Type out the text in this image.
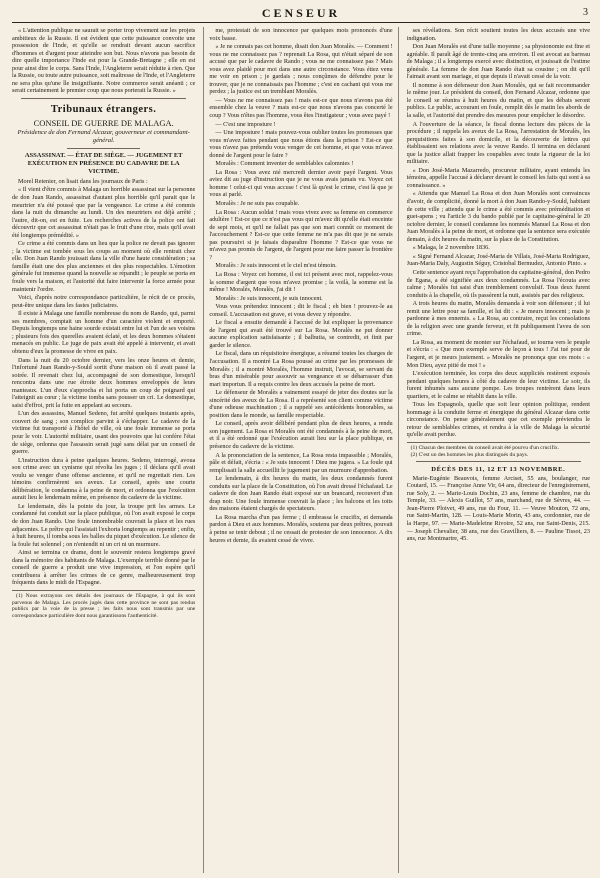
CENSEUR	3

« L'attention publique ne saurait se porter trop vivement sur les projets ambitieux de la Russie. Il est évident que cette puissance convoite une possession de l'Inde, et qu'elle se rendrait devant aucun sacrifice d'hommes et d'argent pour atteindre son but. Nous n'avons pas besoin de dire quelle importance l'Inde est pour la Grande-Bretagne ; elle en est pour ainsi dire le corps. Sans l'Inde, l'Angleterre serait réduite à rien. Que la Russie, ou toute autre puissance, soit maîtresse de l'Inde, et l'Angleterre ne sera plus qu'une île insignifiante. Notre commerce serait anéanti ; ce serait certainement le premier coup que nous porterait la Russie. »

Tribunaux étrangers.
CONSEIL DE GUERRE DE MALAGA.
Présidence de don Fernand Alcazar, gouverneur et commandant-général.
ASSASSINAT. — ÉTAT DE SIÈGE. — JUGEMENT ET EXÉCUTION EN PRÉSENCE DU CADAVRE DE LA VICTIME.

Morel Retenier, on lisait dans les journaux de Paris :

« Il vient d'être commis à Malaga un horrible assassinat sur la personne de don Juan Rando, assassinat d'autant plus horrible qu'il parait que le meurtrier n'a été poussé que par la vengeance. Le crime a été commis dans la nuit du dimanche au lundi. Un des meurtriers est déjà arrêté ; l'autre, dit-on, est en fuite. Les recherches actives de la police ont fait découvrir que cet assassinat n'était pas le fruit d'une rixe, mais qu'il avait été longtemps prémédité. »

Ce crime a été commis dans un lieu que la police ne devait pas ignorer ; la victime est tombée sous les coups au moment où elle rentrait chez elle. Don Juan Rando jouissait dans la ville d'une haute considération ; sa famille était une des plus anciennes et des plus respectables. L'émotion générale fut immense quand la nouvelle se répandit ; le peuple se porta en foule vers la maison, et l'autorité dut faire intervenir la force armée pour maintenir l'ordre.

Voici, d'après notre correspondance particulière, le récit de ce procès, peut-être unique dans les fastes judiciaires.

Il existe à Malaga une famille nombreuse du nom de Rando, qui, parmi ses membres, comptait un homme d'un caractère violent et emporté. Depuis longtemps une haine sourde existait entre lui et l'un de ses voisins ; plusieurs fois des querelles avaient éclaté, et les deux hommes s'étaient menacés en public. Le juge de paix avait été appelé à intervenir, et avait obtenu d'eux la promesse de vivre en paix.

Dans la nuit du 20 octobre dernier, vers les onze heures et demie, l'infortuné Juan Rando-y-Sould sortit d'une maison où il avait passé la soirée. Il revenait chez lui, accompagné de son domestique, lorsqu'il rencontra dans une rue étroite deux hommes enveloppés de leurs manteaux. L'un d'eux s'approcha et lui porta un coup de poignard qui l'atteignit au cœur ; la victime tomba sans pousser un cri. Le domestique, saisi d'effroi, prit la fuite en appelant au secours.

L'un des assassins, Manuel Sedeno, fut arrêté quelques instants après, couvert de sang ; son complice parvint à s'échapper. Le cadavre de la victime fut transporté à l'hôtel de ville, où une foule immense se porta pour le voir. L'autorité militaire, usant des pouvoirs que lui confère l'état de siège, ordonna que l'assassin serait jugé sans délai par un conseil de guerre.

L'instruction dura à peine quelques heures. Sedeno, interrogé, avoua son crime avec un cynisme qui révolta les juges ; il déclara qu'il avait voulu se venger d'une offense ancienne, et qu'il ne regrettait rien. Les témoins confirmèrent ses aveux. Le conseil, après une courte délibération, le condamna à la peine de mort, et ordonna que l'exécution aurait lieu le lendemain même, en présence du cadavre de la victime.

Le lendemain, dès la pointe du jour, la troupe prit les armes. Le condamné fut conduit sur la place publique, où l'on avait exposé le corps de don Juan Rando. Une foule innombrable couvrait la place et les rues adjacentes. Le prêtre qui l'assistait l'exhorta longtemps au repentir ; enfin, à huit heures, il tomba sous les balles du piquet d'exécution. Le silence de la foule fut solennel ; on n'entendit ni un cri ni un murmure.

Ainsi se termina ce drame, dont le souvenir restera longtemps gravé dans la mémoire des habitants de Malaga. L'exemple terrible donné par le conseil de guerre a produit une vive impression, et l'on espère qu'il contribuera à arrêter les crimes de ce genre, malheureusement trop fréquents dans le midi de l'Espagne.

(1) Nous extrayons ces détails des journaux de l'Espagne, à qui ils sont parvenus de Malaga. Les procès jugés dans cette province ne sont pas rendus publics par la voie de la presse ; les faits nous sont transmis par une correspondance particulière dont nous garantissons l'authenticité.

me, protestait de son innocence par quelques mots prononcés d'une voix basse.

« Je ne connais pas cet homme, disait don Juan Moralès. — Comment ! vous ne me connaissez pas ? reprenait La Rosa, qui n'était séparé de son accusé que par le cadavre de Rando ; vous ne me connaissez pas ? Mais vous avez plaidé pour moi dans une autre circonstance. Vous étiez venu me voir en prison ; je gardais ; nous conçûmes de défendre pour le trouver, que je ne connaissais pas l'homme ; c'est en cachant qui vous me perdez ; la justice est un tremblant Moralès.

— Vous ne me connaissez pas ! mais est-ce que nous n'avons pas été ensemble chez la veuve ? mais est-ce que nous n'avons pas concerté le coup ? Vous n'êtes pas l'homme, vous êtes l'instigateur ; vous avez payé !

— C'est une imposture !

— Une imposture ! mais pouvez-vous oublier toutes les promesses que vous m'avez faites pendant que nous étions dans la prison ? Est-ce que vous n'avez pas prétendu vous venger de cet homme, et que vous m'avez donné de l'argent pour le faire ?

Moralès : Comment inventer de semblables calomnies !

La Rosa : Vous avez nié mercredi dernier avoir payé l'argent. Vous aviez dit au juge d'instruction que je ne vous avais jamais vu. Voyez cet homme ! celui-ci qui vous accuse ! c'est là qu'est le crime, c'est là que je vous ai parlé.

Moralès : Je ne suis pas coupable.

La Rosa : Aucun soldat ! mais vous vivez avec sa femme en commerce adultère ! Est-ce que ce n'est pas vous qui m'avez dit qu'elle était enceinte de sept mois, et qu'il ne fallait pas que son mari connût ce moment de l'accouchement ? Est-ce que cette femme ne m'a pas dit que je ne serais pas poursuivi si je faisais disparaître l'homme ? Est-ce que vous ne m'avez pas promis de l'argent, de l'argent pour me faire passer la frontière ?

Moralès : Je suis innocent et le ciel m'est témoin.

La Rosa : Voyez cet homme, il est ici présent avec moi, rappelez-vous la somme d'argent que vous m'avez promise ; la voilà, la somme est la même ! Moralès, Moralès, j'ai dit !

Moralès : Je suis innocent, je suis innocent.

Vous vous prétendez innocent ; dit le fiscal ; eh bien ! prouvez-le au conseil. L'accusation est grave, et vous devez y répondre.

Le fiscal a ensuite demandé à l'accusé de lui expliquer la provenance de l'argent qui avait été trouvé sur La Rosa. Moralès ne put donner aucune explication satisfaisante ; il balbutia, se contredit, et finit par garder le silence.

Le fiscal, dans un réquisitoire énergique, a résumé toutes les charges de l'accusation. Il a montré La Rosa poussé au crime par les promesses de Moralès ; il a montré Moralès, l'homme instruit, l'avocat, se servant du bras d'un misérable pour assouvir sa vengeance et se débarrasser d'un mari importun. Il a requis contre les deux accusés la peine de mort.

Le défenseur de Moralès a vainement essayé de jeter des doutes sur la sincérité des aveux de La Rosa. Il a représenté son client comme victime d'une odieuse machination ; il a rappelé ses antécédents honorables, sa position dans le monde, sa famille respectable.

Le conseil, après avoir délibéré pendant plus de deux heures, a rendu son jugement. La Rosa et Moralès ont été condamnés à la peine de mort, et il a été ordonné que l'exécution aurait lieu sur la place publique, en présence du cadavre de la victime.

A la prononciation de la sentence, La Rosa resta impassible ; Moralès, pâle et défait, s'écria : « Je suis innocent ! Dieu me jugera. » La foule qui remplissait la salle accueillit le jugement par un murmure d'approbation.

Le lendemain, à dix heures du matin, les deux condamnés furent conduits sur la place de la Constitution, où l'on avait dressé l'échafaud. Le cadavre de don Juan Rando était exposé sur un brancard, recouvert d'un drap noir. Une foule immense couvrait la place ; les balcons et les toits des maisons étaient chargés de spectateurs.

La Rosa marcha d'un pas ferme ; il embrassa le crucifix, et demanda pardon à Dieu et aux hommes. Moralès, soutenu par deux prêtres, pouvait à peine se tenir debout ; il ne cessait de protester de son innocence. A dix heures et demie, ils avaient cessé de vivre.

ses révélations. Son récit soutient toutes les deux accusés une vive indignation.

Don Juan Moralès est d'une taille moyenne ; sa physionomie est fine et agréable. Il paraît âgé de trente-cinq ans environ. Il est avocat au barreau de Malaga ; il a longtemps exercé avec distinction, et jouissait de l'estime générale. La femme de don Juan Rando était sa cousine ; on dit qu'il l'aimait avant son mariage, et que depuis il n'avait cessé de la voir.

Il nomme à son défenseur don Juan Moralès, qui se fait recommander le même jour. Le président du conseil, don Fernand Alcazar, ordonne que le conseil se réunira à huit heures du matin, et que les débats seront publics. Le public, accourant en foule, remplit dès le matin les abords de la salle, et l'autorité dut prendre des mesures pour empêcher le désordre.

A l'ouverture de la séance, le fiscal donna lecture des pièces de la procédure ; il rappela les aveux de La Rosa, l'arrestation de Moralès, les perquisitions faites à son domicile, et la découverte de lettres qui établissaient ses relations avec la veuve Rando. Il termina en déclarant que la justice allait frapper les coupables avec toute la rigueur de la loi militaire.

« Don José-Maria Mazarredo, procureur militaire, ayant entendu les témoins, appelle l'accusé à déclarer devant le conseil les faits qui sont à sa connaissance. »

« Attendu que Manuel La Rosa et don Juan Moralès sont convaincus d'avoir, de complicité, donné la mort à don Juan Rando-y-Sould, habitant de cette ville ; attendu que le crime a été commis avec préméditation et guet-apens ; vu l'article 3 du bando publié par le capitaine-général le 20 octobre dernier, le conseil condamne les nommés Manuel La Rosa et don Juan Moralès à la peine de mort, et ordonne que la sentence sera exécutée demain, à dix heures du matin, sur la place de la Constitution.

« Malaga, le 2 novembre 1836.

« Signé Fernand Alcazar, José-Maria de Villais, José-Maria Rodriguez, Juan-Maria Daly, Augustin Séguy, Cristobal Bermudez, Antonio Pinto. »

Cette sentence ayant reçu l'approbation du capitaine-général, don Pedro de Egana, a été signifiée aux deux condamnés. La Rosa l'écouta avec calme ; Moralès fut saisi d'un tremblement convulsif. Tous deux furent conduits à la chapelle, où ils passèrent la nuit, assistés par des religieux.

A trois heures du matin, Moralès demanda à voir son défenseur ; il lui remit une lettre pour sa famille, et lui dit : « Je meurs innocent ; mais je pardonne à mes ennemis. » La Rosa, au contraire, reçut les consolations de la religion avec une grande ferveur, et fit publiquement l'aveu de son crime.

La Rosa, au moment de monter sur l'échafaud, se tourna vers le peuple et s'écria : « Que mon exemple serve de leçon à tous ! J'ai tué pour de l'argent, et je meurs justement. » Moralès ne prononça que ces mots : « Mon Dieu, ayez pitié de moi ! »

L'exécution terminée, les corps des deux suppliciés restèrent exposés pendant quelques heures à côté du cadavre de leur victime. Le soir, ils furent inhumés sans aucune pompe. Les troupes rentrèrent dans leurs quartiers, et le calme se rétablit dans la ville.

Tous les Espagnols, quelle que soit leur opinion politique, rendent hommage à la conduite ferme et énergique du général Alcazar dans cette circonstance. On pense généralement que cet exemple préviendra le retour de semblables crimes, et rendra à la ville de Malaga la sécurité qu'elle avait perdue.

(1) Chacun des membres du conseil avait été pourvu d'un crucifix.

(2) C'est un des hommes les plus distingués du pays.

DÉCÈS DES 11, 12 ET 13 NOVEMBRE.

Marie-Eugénie Beauvois, femme Arciset, 55 ans, boulanger, rue Coutard, 15. — Françoise Anne Vir, 64 ans, directeur de l'enregistrement, rue Soly, 2. — Marie-Louis Dochin, 23 ans, femme de chambre, rue du Temple, 33. — Alexis Guillot, 57 ans, marchand, rue de Sèvres, 44. — Jean-Pierre Ploivet, 49 ans, rue du Four, 11. — Veuve Mouton, 72 ans, rue Saint-Martin, 128. — Louis-Marie Morin, 43 ans, cordonnier, rue de la Harpe, 97. — Marie-Madeleine Rivoire, 52 ans, rue Saint-Denis, 215. — Joseph Chevalier, 38 ans, rue des Gravilliers, 8. — Pauline Tissot, 23 ans, rue Montmartre, 45.
